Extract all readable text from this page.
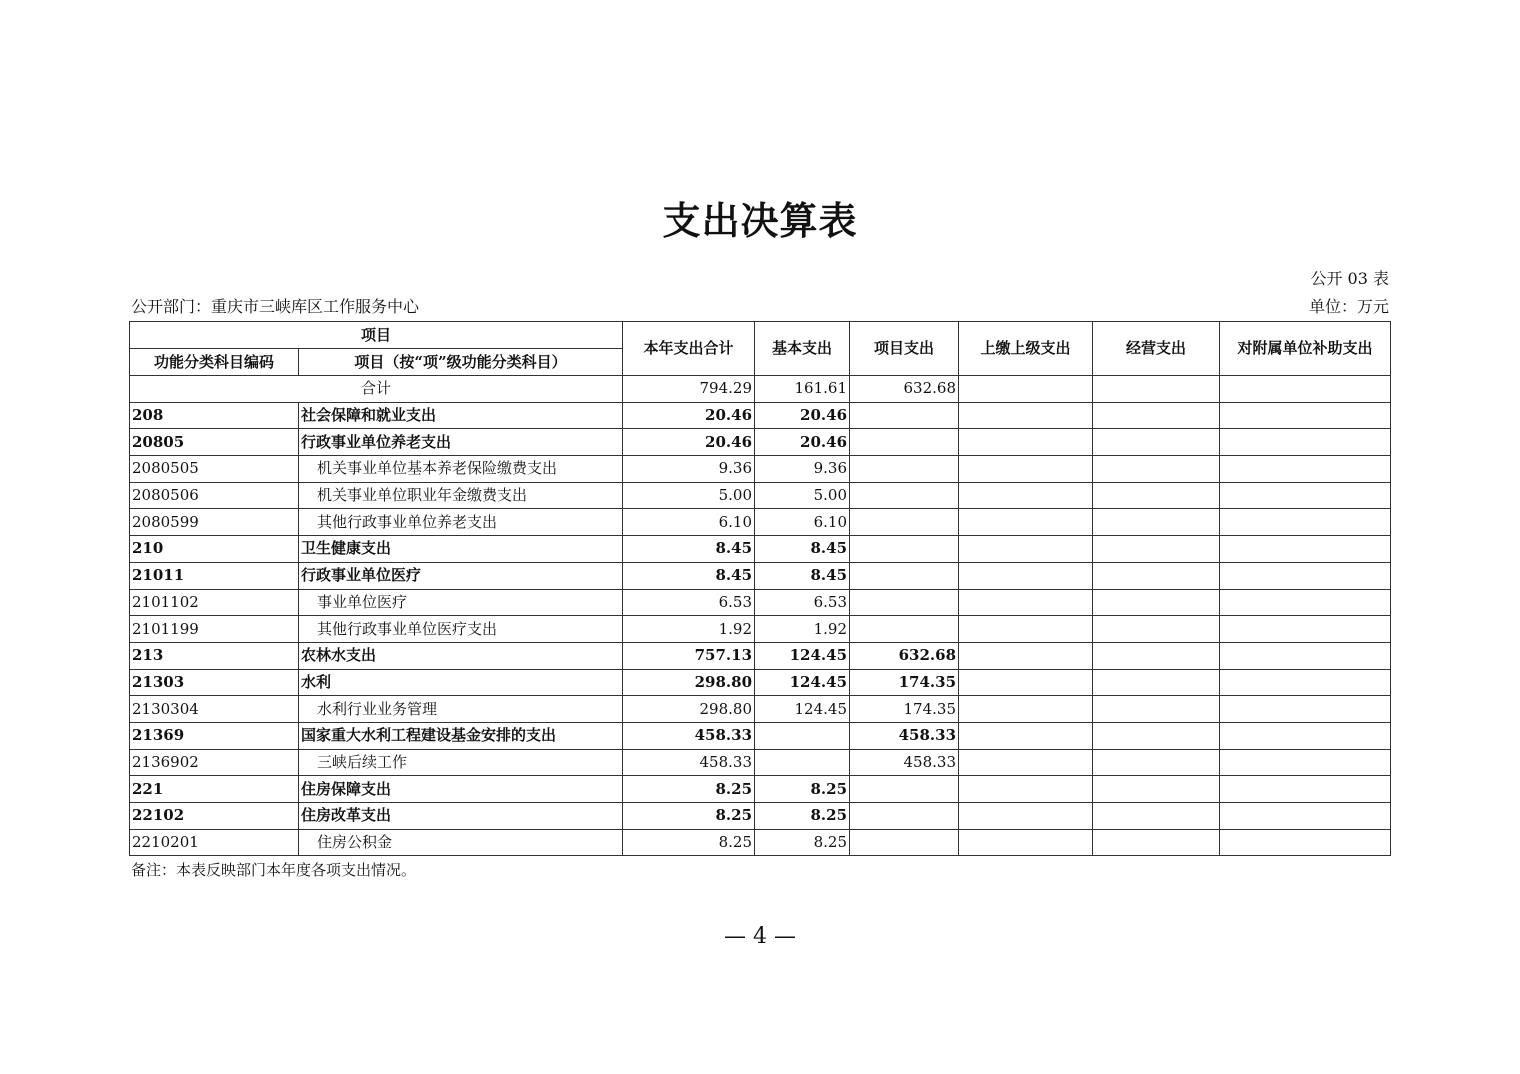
支出决算表
公开 03 表
公开部门：重庆市三峡库区工作服务中心	单位：万元
项目		本年支出合计	基本支出	项目支出	上缴上级支出	经营支出	对附属单位补助支出
功能分类科目编码	项目（按“项”级功能分类科目）						
合计		794.29	161.61	632.68			
208	社会保障和就业支出	20.46	20.46				
20805	行政事业单位养老支出	20.46	20.46				
2080505	机关事业单位基本养老保险缴费支出	9.36	9.36				
2080506	机关事业单位职业年金缴费支出	5.00	5.00				
2080599	其他行政事业单位养老支出	6.10	6.10				
210	卫生健康支出	8.45	8.45				
21011	行政事业单位医疗	8.45	8.45				
2101102	事业单位医疗	6.53	6.53				
2101199	其他行政事业单位医疗支出	1.92	1.92				
213	农林水支出	757.13	124.45	632.68			
21303	水利	298.80	124.45	174.35			
2130304	水利行业业务管理	298.80	124.45	174.35			
21369	国家重大水利工程建设基金安排的支出	458.33		458.33			
2136902	三峡后续工作	458.33		458.33			
221	住房保障支出	8.25	8.25				
22102	住房改革支出	8.25	8.25				
2210201	住房公积金	8.25	8.25				
备注：本表反映部门本年度各项支出情况。
— 4 —
